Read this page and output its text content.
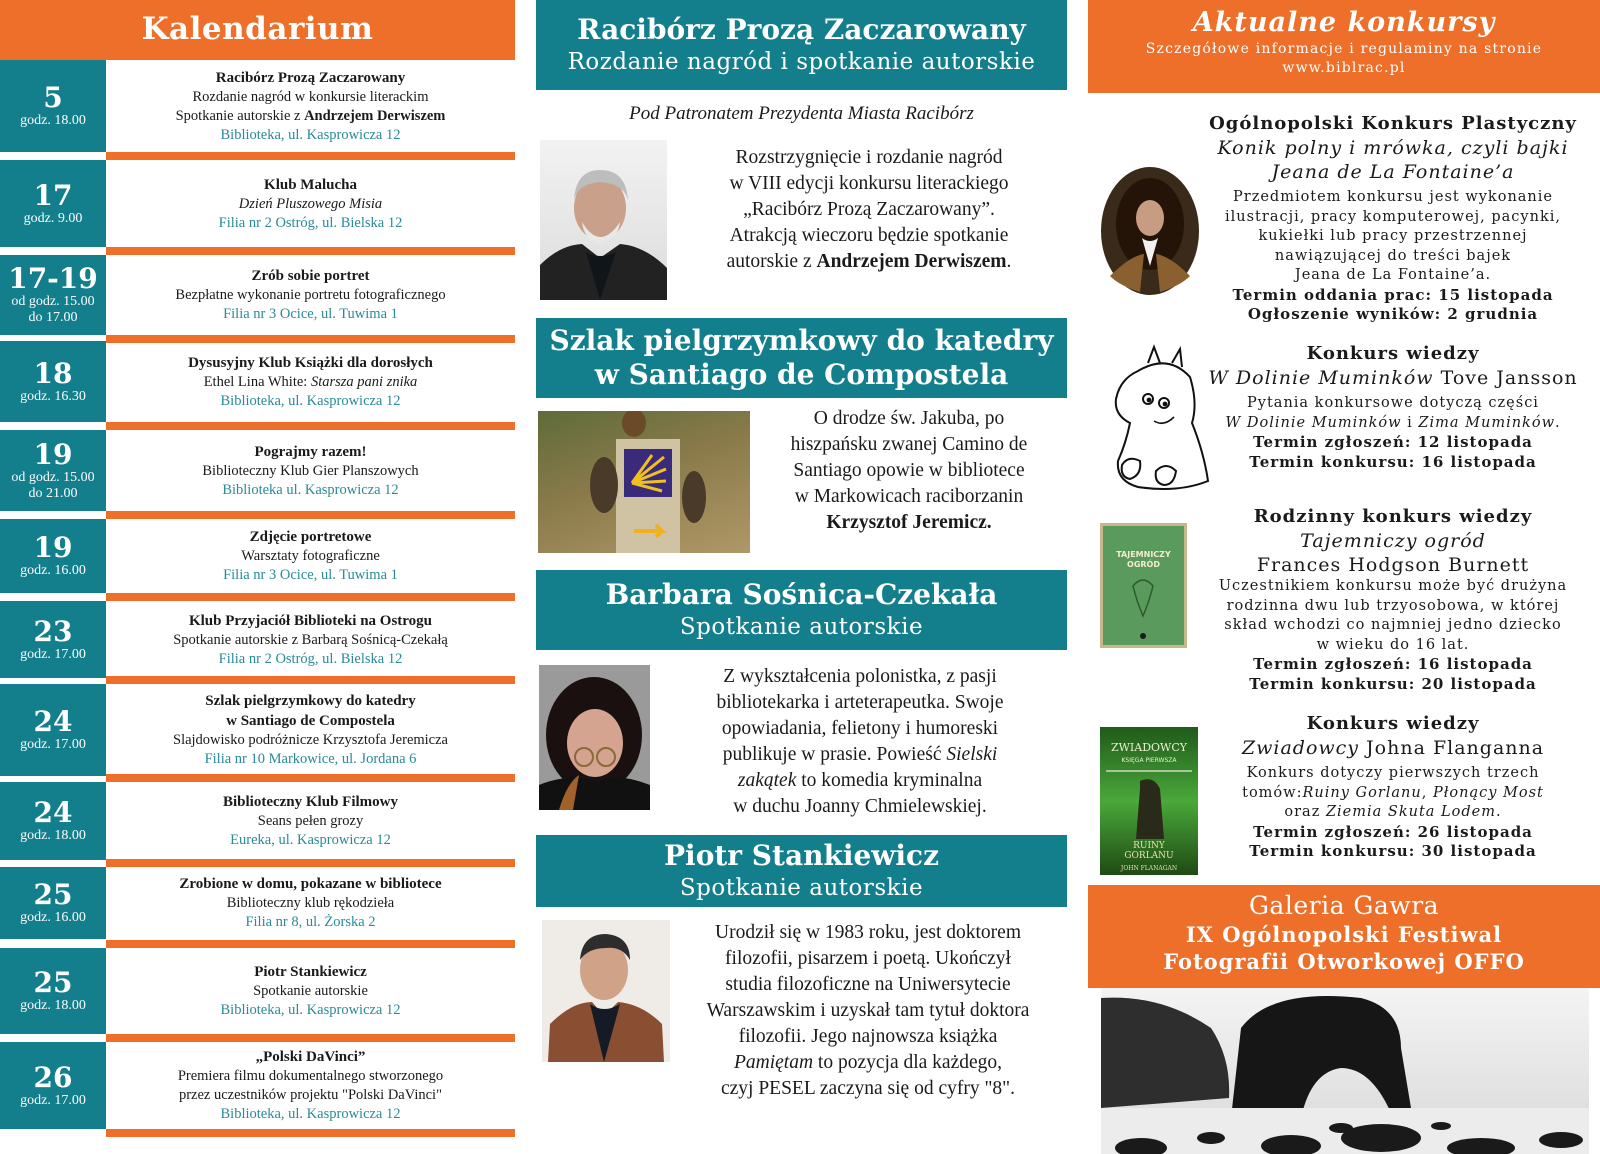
Kalendarium
5
godz. 18.00
Racibórz Prozą Zaczarowany
Rozdanie nagród w konkursie literackim
Spotkanie autorskie z Andrzejem Derwiszem
Biblioteka, ul. Kasprowicza 12
17
godz. 9.00
Klub Malucha
Dzień Pluszowego Misia
Filia nr 2 Ostróg, ul. Bielska 12
17-19
od godz. 15.00
do 17.00
Zrób sobie portret
Bezpłatne wykonanie portretu fotograficznego
Filia nr 3 Ocice, ul. Tuwima 1
18
godz. 16.30
Dysusyjny Klub Książki dla dorosłych
Ethel Lina White: Starsza pani znika
Biblioteka, ul. Kasprowicza 12
19
od godz. 15.00
do 21.00
Pograjmy razem!
Biblioteczny Klub Gier Planszowych
Biblioteka ul. Kasprowicza 12
19
godz. 16.00
Zdjęcie portretowe
Warsztaty fotograficzne
Filia nr 3 Ocice, ul. Tuwima 1
23
godz. 17.00
Klub Przyjaciół Biblioteki na Ostrogu
Spotkanie autorskie z Barbarą Sośnicą-Czekałą
Filia nr 2 Ostróg, ul. Bielska 12
24
godz. 17.00
Szlak pielgrzymkowy do katedry
w Santiago de Compostela
Slajdowisko podróżnicze Krzysztofa Jeremicza
Filia nr 10 Markowice, ul. Jordana 6
24
godz. 18.00
Biblioteczny Klub Filmowy
Seans pełen grozy
Eureka, ul. Kasprowicza 12
25
godz. 16.00
Zrobione w domu, pokazane w bibliotece
Biblioteczny klub rękodzieła
Filia nr 8, ul. Żorska 2
25
godz. 18.00
Piotr Stankiewicz
Spotkanie autorskie
Biblioteka, ul. Kasprowicza 12
26
godz. 17.00
„Polski DaVinci”
Premiera filmu dokumentalnego stworzonego
przez uczestników projektu "Polski DaVinci"
Biblioteka, ul. Kasprowicza 12
Racibórz Prozą Zaczarowany
Rozdanie nagród i spotkanie autorskie
Pod Patronatem Prezydenta Miasta Racibórz
Rozstrzygnięcie i rozdanie nagród
w VIII edycji konkursu literackiego
„Racibórz Prozą Zaczarowany”.
Atrakcją wieczoru będzie spotkanie
autorskie z Andrzejem Derwiszem.
Szlak pielgrzymkowy do katedry
w Santiago de Compostela
O drodze św. Jakuba, po
hiszpańsku zwanej Camino de
Santiago opowie w bibliotece
w Markowicach raciborzanin
Krzysztof Jeremicz.
Barbara Sośnica-Czekała
Spotkanie autorskie
Z wykształcenia polonistka, z pasji
bibliotekarka i arteterapeutka. Swoje
opowiadania, felietony i humoreski
publikuje w prasie. Powieść Sielski
zakątek to komedia kryminalna
w duchu Joanny Chmielewskiej.
Piotr Stankiewicz
Spotkanie autorskie
Urodził się w 1983 roku, jest doktorem
filozofii, pisarzem i poetą. Ukończył
studia filozoficzne na Uniwersytecie
Warszawskim i uzyskał tam tytuł doktora
filozofii. Jego najnowsza książka
Pamiętam to pozycja dla każdego,
czyj PESEL zaczyna się od cyfry "8".
Aktualne konkursy
Szczegółowe informacje i regulaminy na stronie
www.biblrac.pl
Ogólnopolski Konkurs Plastyczny
Konik polny i mrówka, czyli bajki
Jeana de La Fontaine’a
Przedmiotem konkursu jest wykonanie
ilustracji, pracy komputerowej, pacynki,
kukiełki lub pracy przestrzennej
nawiązującej do treści bajek
Jeana de La Fontaine’a.
Termin oddania prac: 15 listopada
Ogłoszenie wyników: 2 grudnia
Konkurs wiedzy
W Dolinie Muminków Tove Jansson
Pytania konkursowe dotyczą części
W Dolinie Muminków i Zima Muminków.
Termin zgłoszeń: 12 listopada
Termin konkursu: 16 listopada
TAJEMNICZY OGRÓD
Rodzinny konkurs wiedzy
Tajemniczy ogród
Frances Hodgson Burnett
Uczestnikiem konkursu może być drużyna
rodzinna dwu lub trzyosobowa, w której
skład wchodzi co najmniej jedno dziecko
w wieku do 16 lat.
Termin zgłoszeń: 16 listopada
Termin konkursu: 20 listopada
ZWIADOWCY
KSIĘGA PIERWSZA
RUINY GORLANU
JOHN FLANAGAN
Konkurs wiedzy
Zwiadowcy Johna Flanganna
Konkurs dotyczy pierwszych trzech
tomów:Ruiny Gorlanu, Płonący Most
oraz Ziemia Skuta Lodem.
Termin zgłoszeń: 26 listopada
Termin konkursu: 30 listopada
Galeria Gawra
IX Ogólnopolski Festiwal
Fotografii Otworkowej OFFO
